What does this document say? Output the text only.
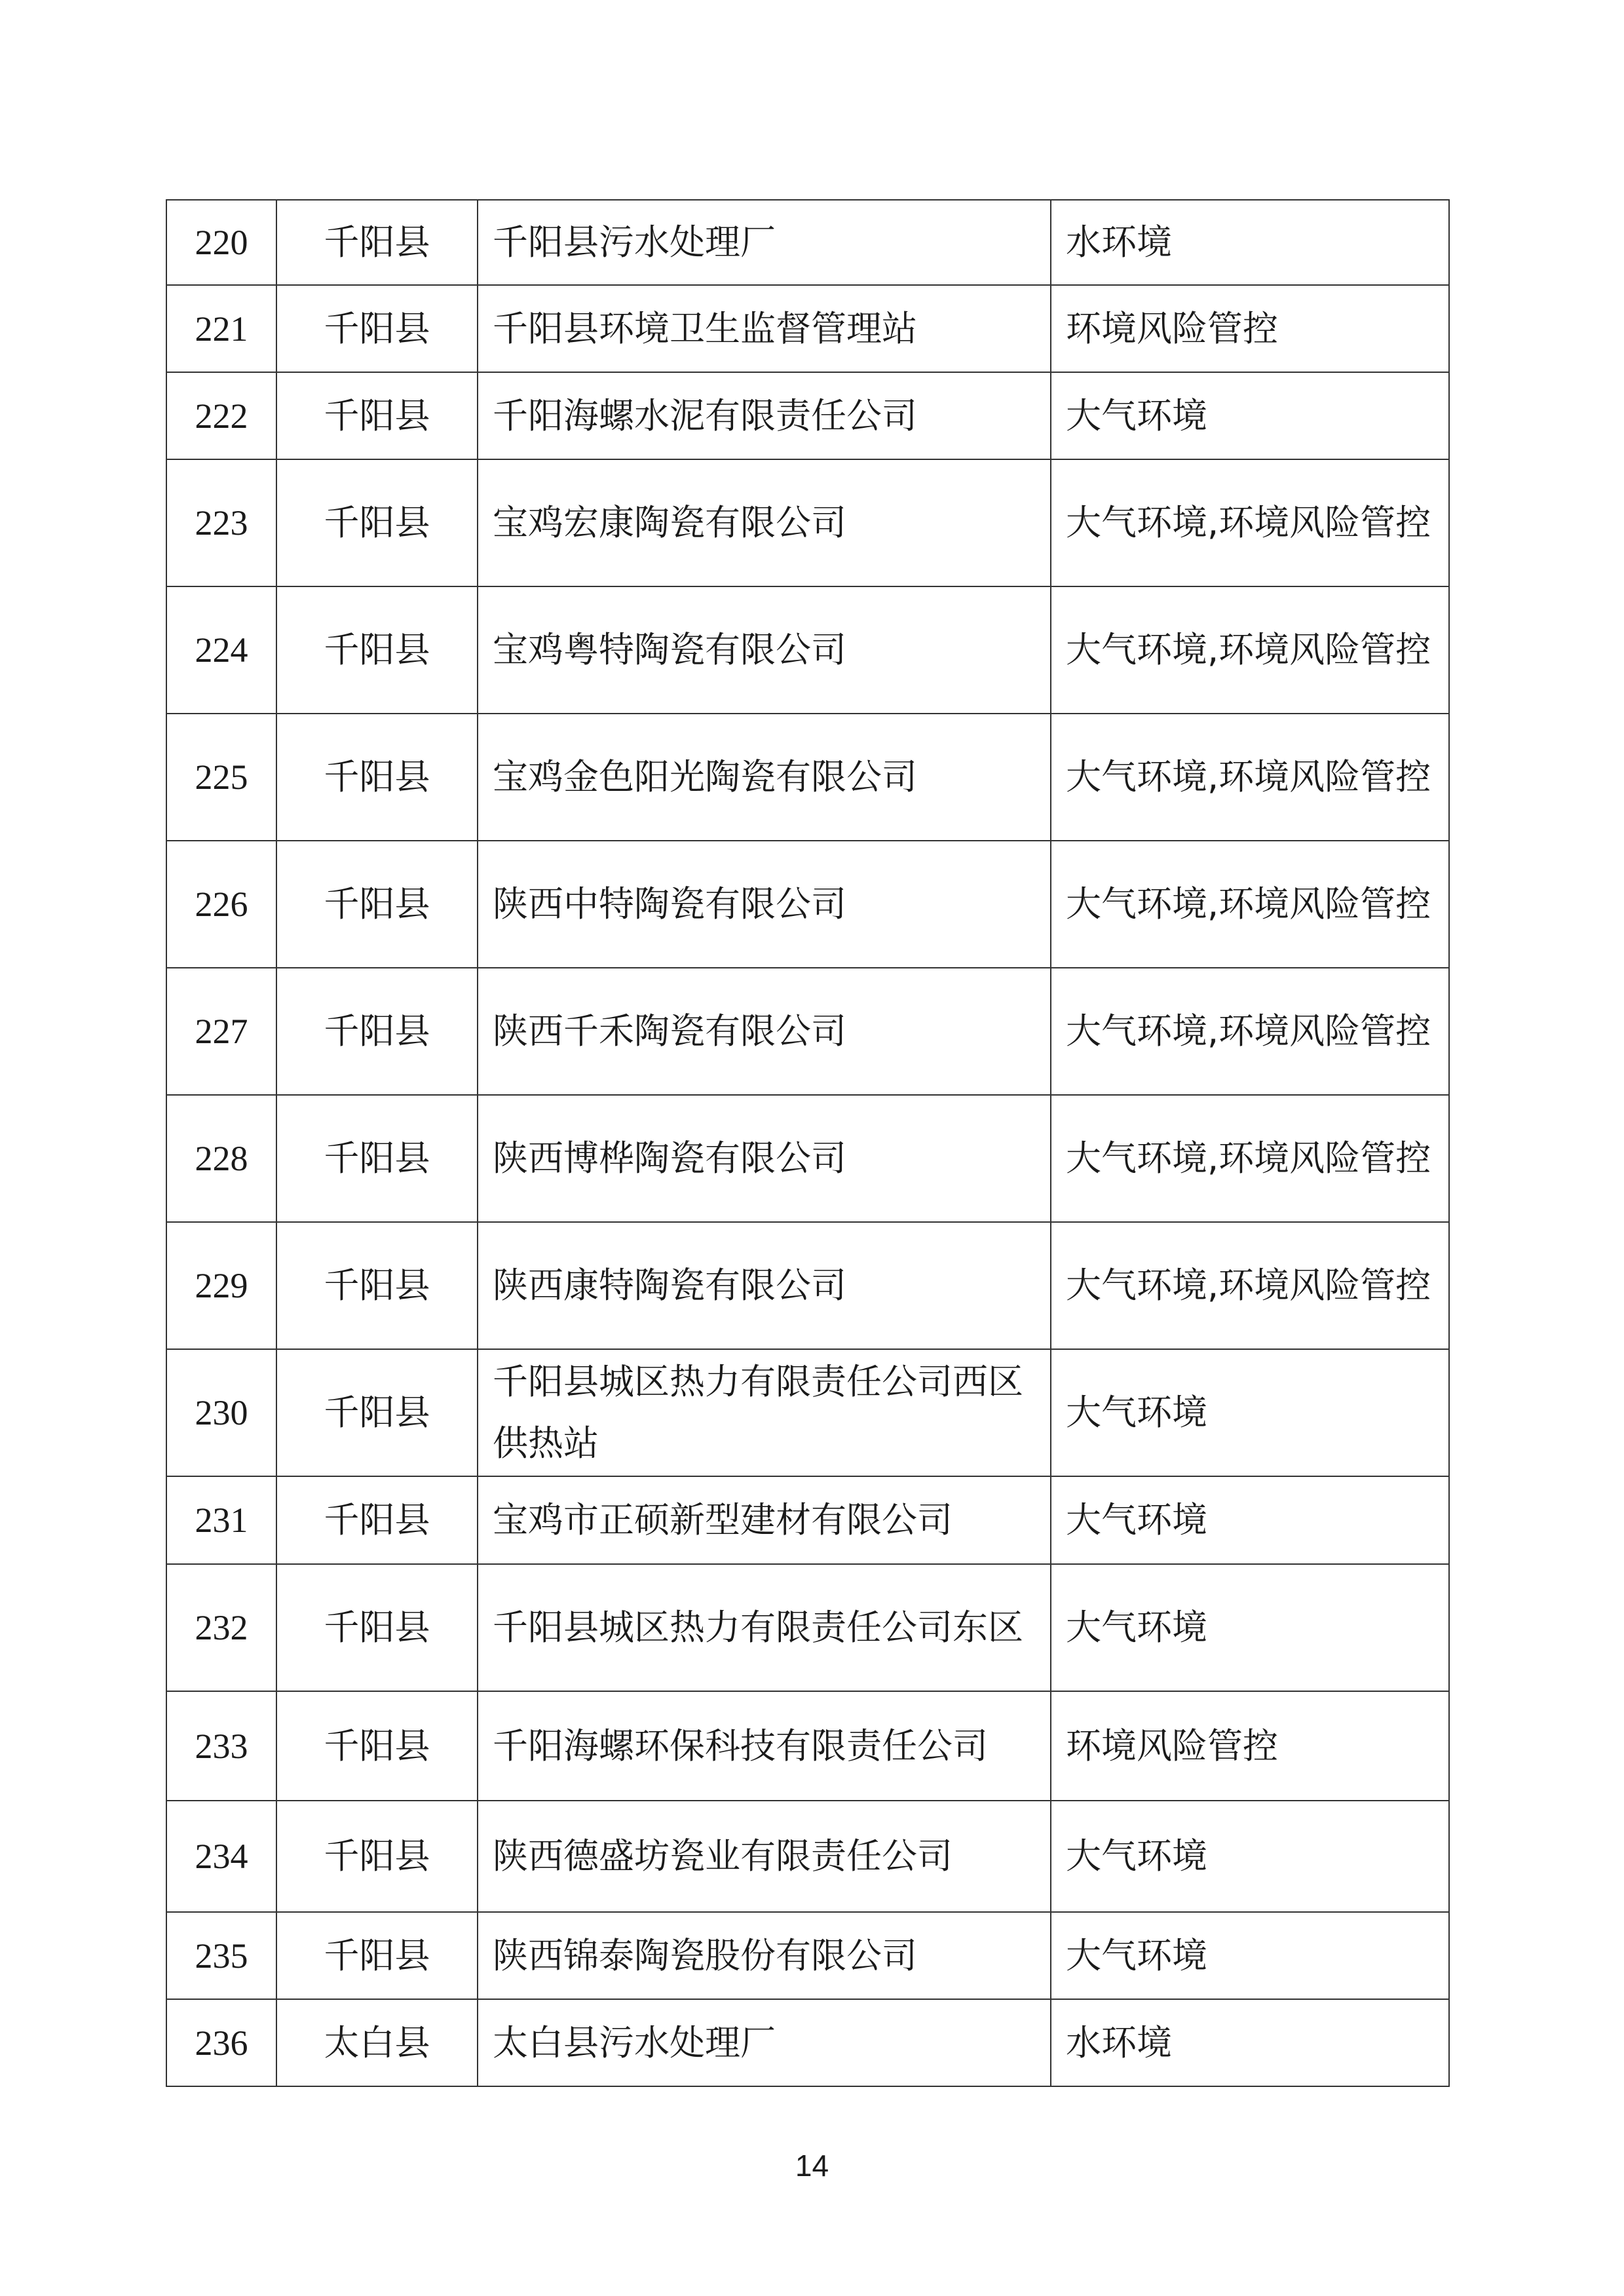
220	千阳县	千阳县污水处理厂	水环境
221	千阳县	千阳县环境卫生监督管理站	环境风险管控
222	千阳县	千阳海螺水泥有限责任公司	大气环境
223	千阳县	宝鸡宏康陶瓷有限公司	大气环境,环境风险管控
224	千阳县	宝鸡粤特陶瓷有限公司	大气环境,环境风险管控
225	千阳县	宝鸡金色阳光陶瓷有限公司	大气环境,环境风险管控
226	千阳县	陕西中特陶瓷有限公司	大气环境,环境风险管控
227	千阳县	陕西千禾陶瓷有限公司	大气环境,环境风险管控
228	千阳县	陕西博桦陶瓷有限公司	大气环境,环境风险管控
229	千阳县	陕西康特陶瓷有限公司	大气环境,环境风险管控
230	千阳县	千阳县城区热力有限责任公司西区供热站	大气环境
231	千阳县	宝鸡市正硕新型建材有限公司	大气环境
232	千阳县	千阳县城区热力有限责任公司东区	大气环境
233	千阳县	千阳海螺环保科技有限责任公司	环境风险管控
234	千阳县	陕西德盛坊瓷业有限责任公司	大气环境
235	千阳县	陕西锦泰陶瓷股份有限公司	大气环境
236	太白县	太白县污水处理厂	水环境
14
